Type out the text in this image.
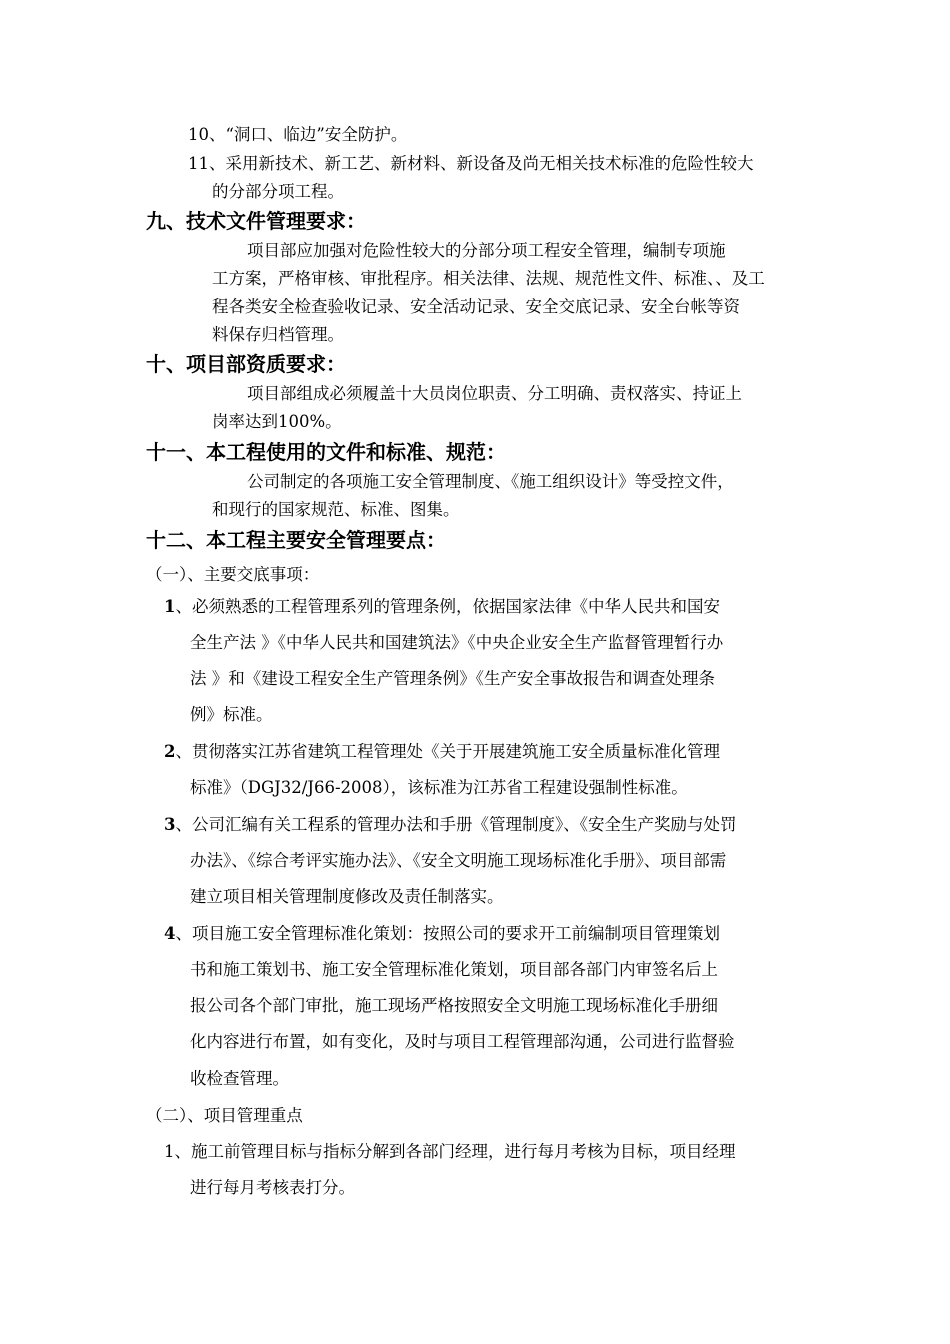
10、“洞口、临边”安全防护。
11、采用新技术、新工艺、新材料、新设备及尚无相关技术标准的危险性较大
的分部分项工程。
九、技术文件管理要求：
项目部应加强对危险性较大的分部分项工程安全管理，编制专项施
工方案，严格审核、审批程序。相关法律、法规、规范性文件、标准、、及工
程各类安全检查验收记录、安全活动记录、安全交底记录、安全台帐等资
料保存归档管理。
十、项目部资质要求：
项目部组成必须履盖十大员岗位职责、分工明确、责权落实、持证上
岗率达到100%。
十一、本工程使用的文件和标准、规范：
公司制定的各项施工安全管理制度、《施工组织设计》等受控文件，
和现行的国家规范、标准、图集。
十二、本工程主要安全管理要点：
（一）、主要交底事项：
1、必须熟悉的工程管理系列的管理条例，依据国家法律《中华人民共和国安
全生产法 》《中华人民共和国建筑法》《中央企业安全生产监督管理暂行办
法 》和《建设工程安全生产管理条例》《生产安全事故报告和调查处理条
例》标准。
2、贯彻落实江苏省建筑工程管理处《关于开展建筑施工安全质量标准化管理
标准》（DGJ32/J66-2008），该标准为江苏省工程建设强制性标准。
3、公司汇编有关工程系的管理办法和手册《管理制度》、《安全生产奖励与处罚
办法》、《综合考评实施办法》、《安全文明施工现场标准化手册》、项目部需
建立项目相关管理制度修改及责任制落实。
4、项目施工安全管理标准化策划：按照公司的要求开工前编制项目管理策划
书和施工策划书、施工安全管理标准化策划，项目部各部门内审签名后上
报公司各个部门审批，施工现场严格按照安全文明施工现场标准化手册细
化内容进行布置，如有变化，及时与项目工程管理部沟通，公司进行监督验
收检查管理。
（二）、项目管理重点
1、施工前管理目标与指标分解到各部门经理，进行每月考核为目标，项目经理
进行每月考核表打分。
